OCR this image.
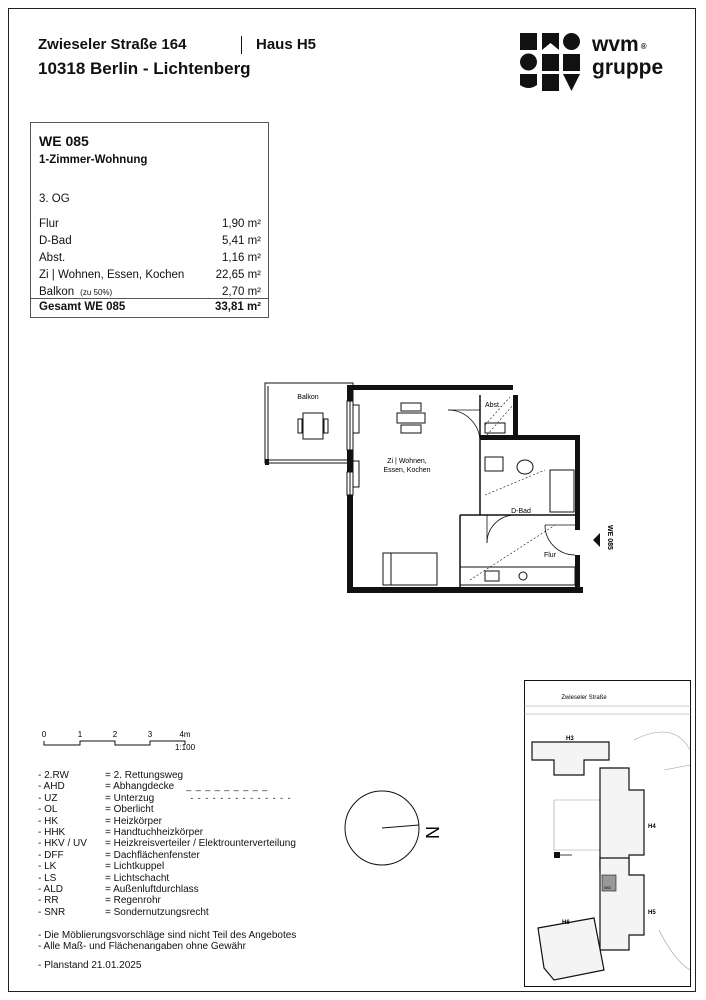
Zwieseler Straße 164	Haus H5
10318 Berlin - Lichtenberg
wvm ®
gruppe
WE 085
1-Zimmer-Wohnung
3. OG
Flur	1,90 m²
D-Bad	5,41 m²
Abst.	1,16 m²
Zi | Wohnen, Essen, Kochen	22,65 m²
Balkon (zu 50%)	2,70 m²
Gesamt WE 085	33,81 m²
Balkon
Abst.
Zi | Wohnen,
Essen, Kochen
D-Bad
Flur
WE 085
0	1	2	3	4m
1:100
- 2.RW	= 2. Rettungsweg
- AHD	= Abhangdecke _ _ _ _ _ _ _ _ _
- UZ	= Unterzug	- - - - - - - - - - - - - -
- OL	= Oberlicht
- HK	= Heizkörper
- HHK	= Handtuchheizkörper
- HKV / UV	= Heizkreisverteiler / Elektrounterverteilung
- DFF	= Dachflächenfenster
- LK	= Lichtkuppel
- LS	= Lichtschacht
- ALD	= Außenluftdurchlass
- RR	= Regenrohr
- SNR	= Sondernutzungsrecht
- Die Möblierungsvorschläge sind nicht Teil des Angebotes
- Alle Maß- und Flächenangaben ohne Gewähr
- Planstand 21.01.2025
N
Zwieseler Straße
H3
H4
H5
H6
085
